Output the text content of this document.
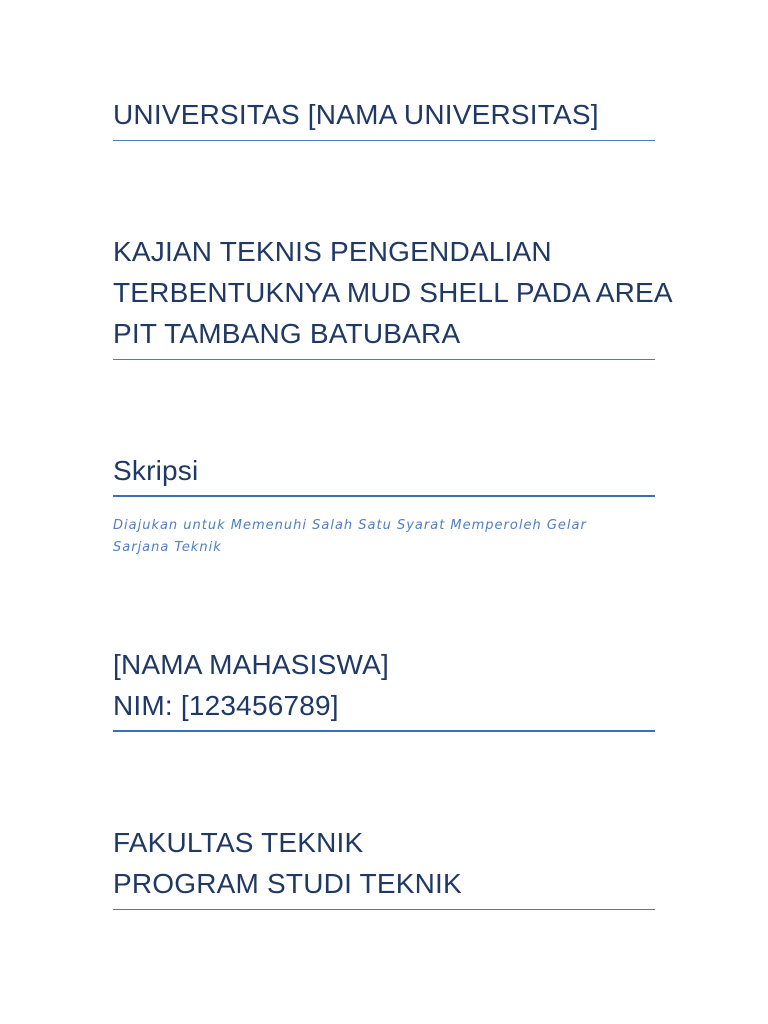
UNIVERSITAS [NAMA UNIVERSITAS]
KAJIAN TEKNIS PENGENDALIAN
TERBENTUKNYA MUD SHELL PADA AREA
PIT TAMBANG BATUBARA
Skripsi

Diajukan untuk Memenuhi Salah Satu Syarat Memperoleh Gelar Sarjana Teknik

[NAMA MAHASISWA]
NIM: [123456789]
FAKULTAS TEKNIK
PROGRAM STUDI TEKNIK
